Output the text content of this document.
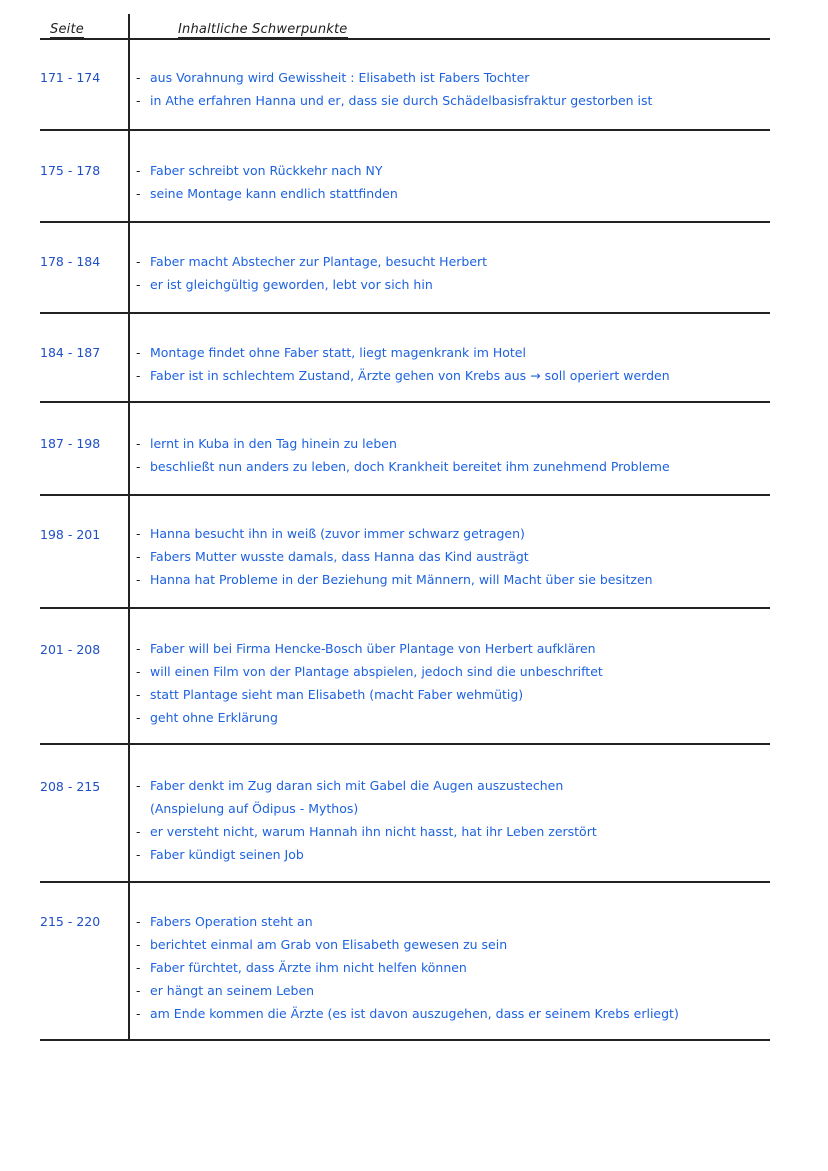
Seite	Inhaltliche Schwerpunkte
171 - 174	- aus Vorahnung wird Gewissheit : Elisabeth ist Fabers Tochter
- in Athe erfahren Hanna und er, dass sie durch Schädelbasisfraktur gestorben ist
175 - 178	- Faber schreibt von Rückkehr nach NY
- seine Montage kann endlich stattfinden
178 - 184	- Faber macht Abstecher zur Plantage, besucht Herbert
- er ist gleichgültig geworden, lebt vor sich hin
184 - 187	- Montage findet ohne Faber statt, liegt magenkrank im Hotel
- Faber ist in schlechtem Zustand, Ärzte gehen von Krebs aus → soll operiert werden
187 - 198	- lernt in Kuba in den Tag hinein zu leben
- beschließt nun anders zu leben, doch Krankheit bereitet ihm zunehmend Probleme
198 - 201	- Hanna besucht ihn in weiß (zuvor immer schwarz getragen)
- Fabers Mutter wusste damals, dass Hanna das Kind austrägt
- Hanna hat Probleme in der Beziehung mit Männern, will Macht über sie besitzen
201 - 208	- Faber will bei Firma Hencke-Bosch über Plantage von Herbert aufklären
- will einen Film von der Plantage abspielen, jedoch sind die unbeschriftet
- statt Plantage sieht man Elisabeth (macht Faber wehmütig)
- geht ohne Erklärung
208 - 215	- Faber denkt im Zug daran sich mit Gabel die Augen auszustechen
(Anspielung auf Ödipus - Mythos)
- er versteht nicht, warum Hannah ihn nicht hasst, hat ihr Leben zerstört
- Faber kündigt seinen Job
215 - 220	- Fabers Operation steht an
- berichtet einmal am Grab von Elisabeth gewesen zu sein
- Faber fürchtet, dass Ärzte ihm nicht helfen können
- er hängt an seinem Leben
- am Ende kommen die Ärzte (es ist davon auszugehen, dass er seinem Krebs erliegt)
